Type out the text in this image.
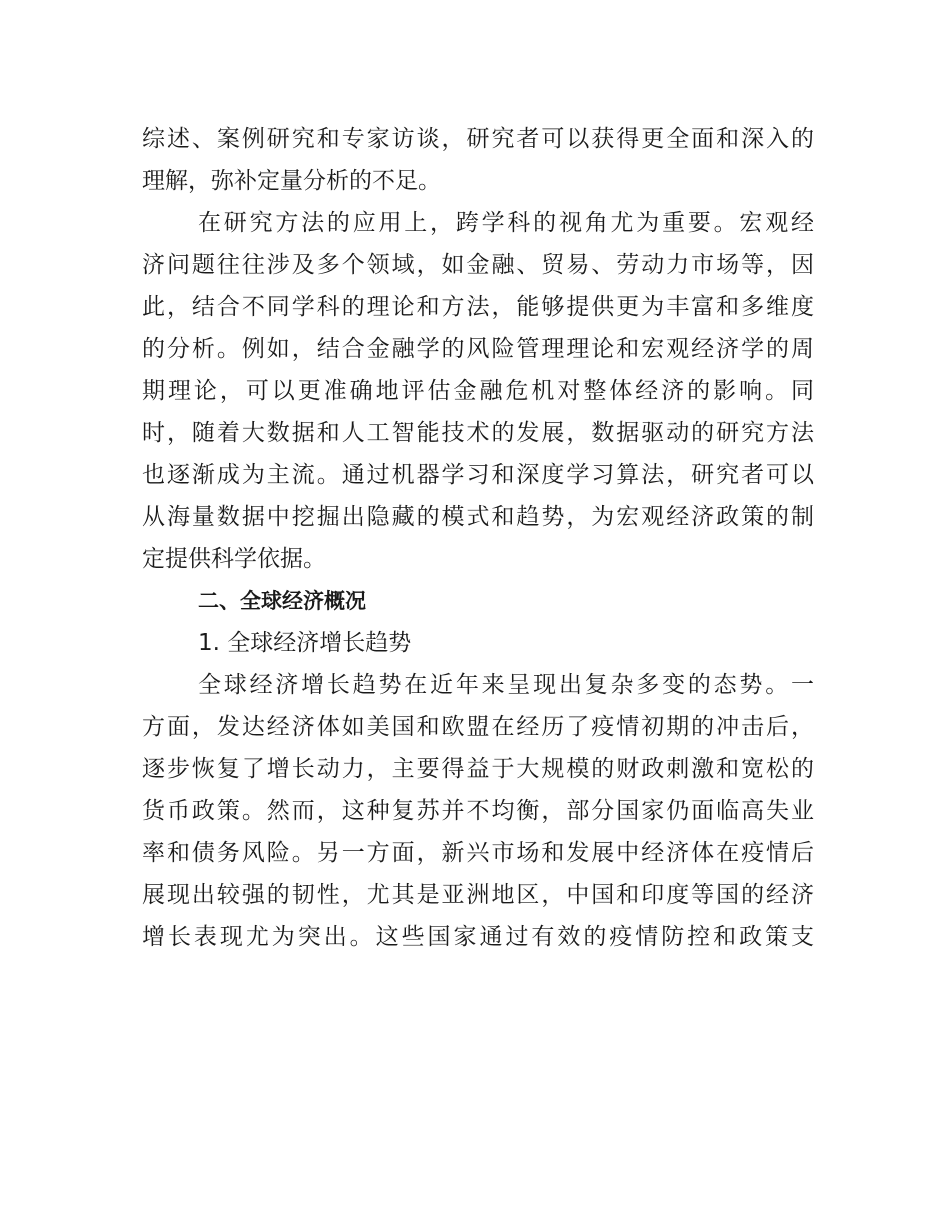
综述、案例研究和专家访谈，研究者可以获得更全面和深入的
理解，弥补定量分析的不足。
在研究方法的应用上，跨学科的视角尤为重要。宏观经
济问题往往涉及多个领域，如金融、贸易、劳动力市场等，因
此，结合不同学科的理论和方法，能够提供更为丰富和多维度
的分析。例如，结合金融学的风险管理理论和宏观经济学的周
期理论，可以更准确地评估金融危机对整体经济的影响。同
时，随着大数据和人工智能技术的发展，数据驱动的研究方法
也逐渐成为主流。通过机器学习和深度学习算法，研究者可以
从海量数据中挖掘出隐藏的模式和趋势，为宏观经济政策的制
定提供科学依据。
二、全球经济概况
1. 全球经济增长趋势
全球经济增长趋势在近年来呈现出复杂多变的态势。一
方面，发达经济体如美国和欧盟在经历了疫情初期的冲击后，
逐步恢复了增长动力，主要得益于大规模的财政刺激和宽松的
货币政策。然而，这种复苏并不均衡，部分国家仍面临高失业
率和债务风险。另一方面，新兴市场和发展中经济体在疫情后
展现出较强的韧性，尤其是亚洲地区，中国和印度等国的经济
增长表现尤为突出。这些国家通过有效的疫情防控和政策支
